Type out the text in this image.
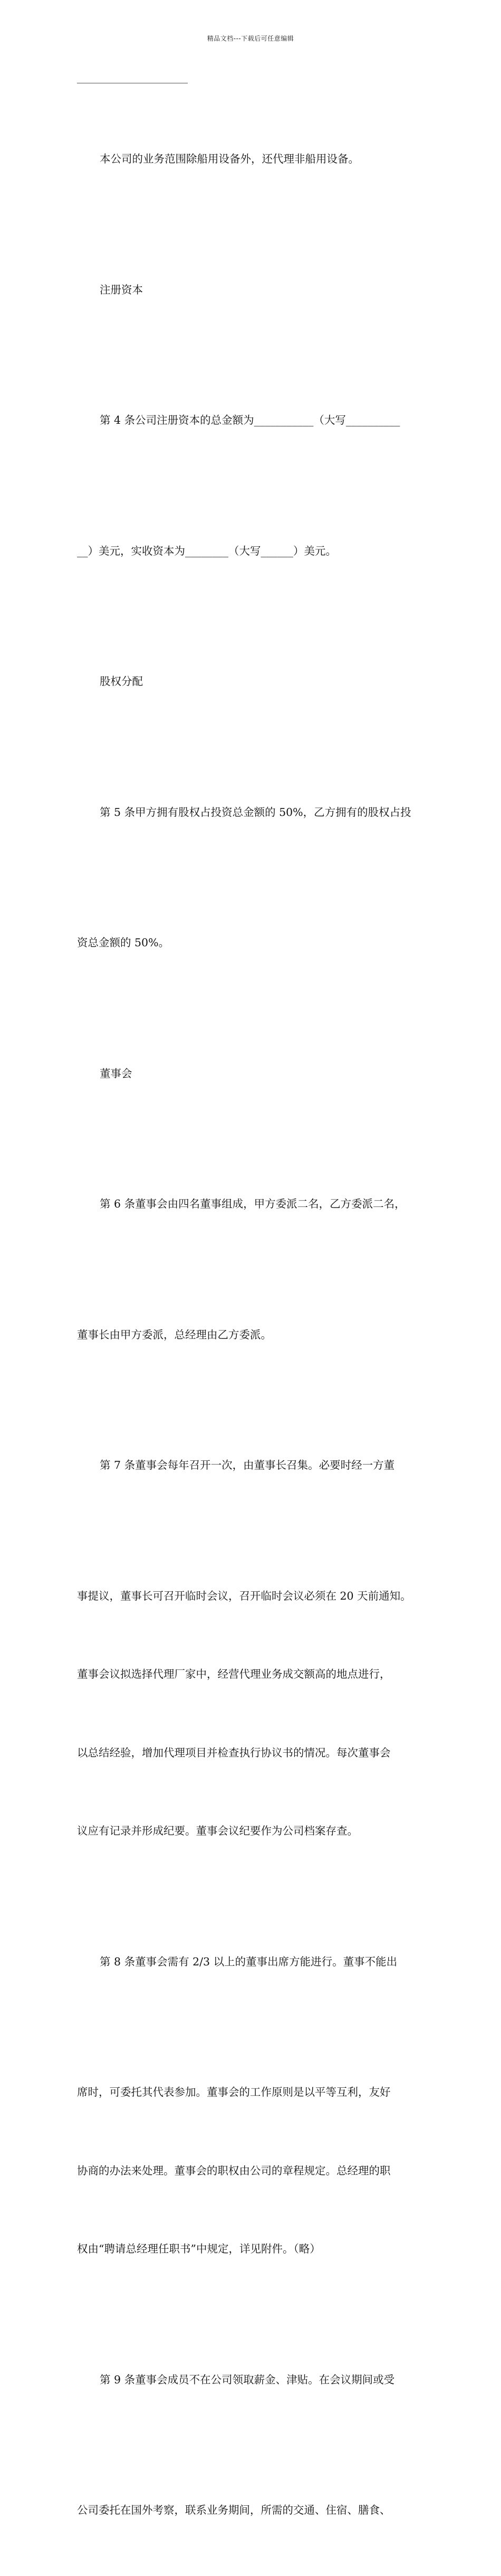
精品文档---下载后可任意编辑

本公司的业务范围除船用设备外，还代理非船用设备。

注册资本

第 4 条公司注册资本的总金额为___________（大写__________

__）美元，实收资本为________（大写______）美元。

股权分配

第 5 条甲方拥有股权占投资总金额的 50%，乙方拥有的股权占投

资总金额的 50%。

董事会

第 6 条董事会由四名董事组成，甲方委派二名，乙方委派二名，

董事长由甲方委派，总经理由乙方委派。

第 7 条董事会每年召开一次，由董事长召集。必要时经一方董

事提议，董事长可召开临时会议，召开临时会议必须在 20 天前通知。

董事会议拟选择代理厂家中，经营代理业务成交额高的地点进行，

以总结经验，增加代理项目并检查执行协议书的情况。每次董事会

议应有记录并形成纪要。董事会议纪要作为公司档案存查。

第 8 条董事会需有 2/3 以上的董事出席方能进行。董事不能出

席时，可委托其代表参加。董事会的工作原则是以平等互利，友好

协商的办法来处理。董事会的职权由公司的章程规定。总经理的职

权由“聘请总经理任职书”中规定，详见附件。（略）

第 9 条董事会成员不在公司领取薪金、津贴。在会议期间或受

公司委托在国外考察，联系业务期间，所需的交通、住宿、膳食、
